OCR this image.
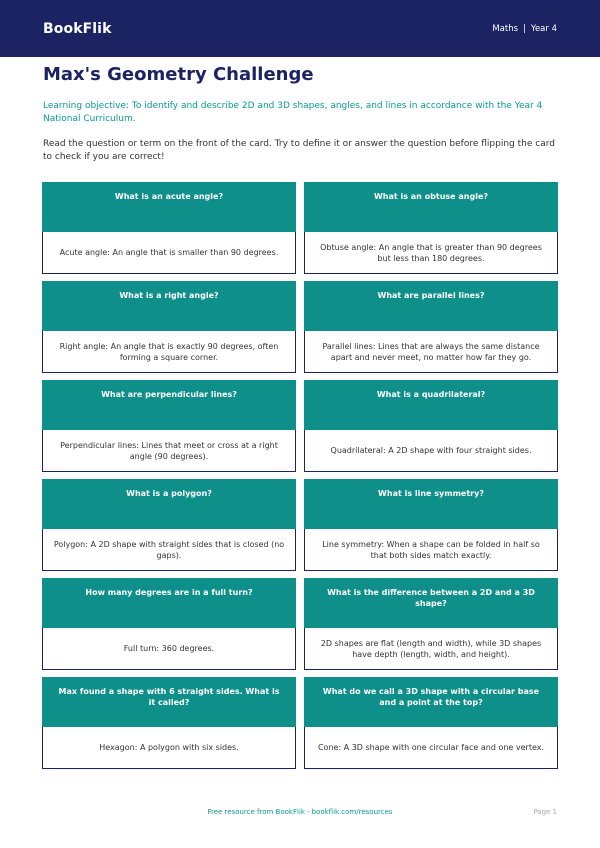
BookFlik	Maths | Year 4
Max's Geometry Challenge

Learning objective: To identify and describe 2D and 3D shapes, angles, and lines in accordance with the Year 4 National Curriculum.

Read the question or term on the front of the card. Try to define it or answer the question before flipping the card to check if you are correct!

What is an acute angle?
Acute angle: An angle that is smaller than 90 degrees.
What is an obtuse angle?
Obtuse angle: An angle that is greater than 90 degrees but less than 180 degrees.
What is a right angle?
Right angle: An angle that is exactly 90 degrees, often forming a square corner.
What are parallel lines?
Parallel lines: Lines that are always the same distance apart and never meet, no matter how far they go.
What are perpendicular lines?
Perpendicular lines: Lines that meet or cross at a right angle (90 degrees).
What is a quadrilateral?
Quadrilateral: A 2D shape with four straight sides.
What is a polygon?
Polygon: A 2D shape with straight sides that is closed (no gaps).
What is line symmetry?
Line symmetry: When a shape can be folded in half so that both sides match exactly.
How many degrees are in a full turn?
Full turn: 360 degrees.
What is the difference between a 2D and a 3D shape?
2D shapes are flat (length and width), while 3D shapes have depth (length, width, and height).
Max found a shape with 6 straight sides. What is it called?
Hexagon: A polygon with six sides.
What do we call a 3D shape with a circular base and a point at the top?
Cone: A 3D shape with one circular face and one vertex.
Free resource from BookFlik · bookflik.com/resources	Page 1
